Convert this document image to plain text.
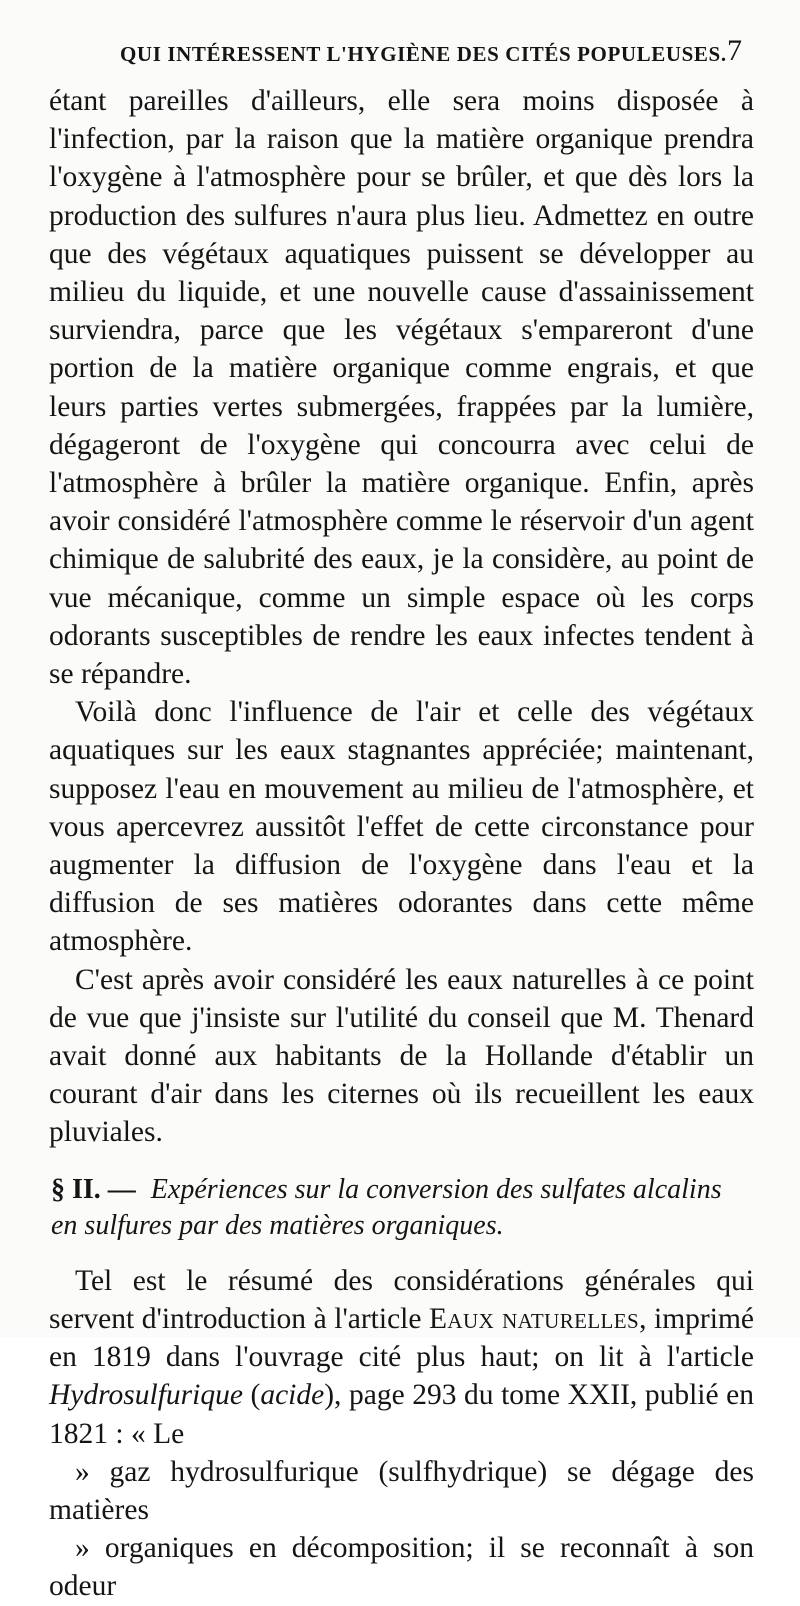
QUI INTÉRESSENT L'HYGIÈNE DES CITÉS POPULEUSES. 7

étant pareilles d'ailleurs, elle sera moins disposée à l'infection, par la raison que la matière organique prendra l'oxygène à l'atmosphère pour se brûler, et que dès lors la production des sulfures n'aura plus lieu. Admettez en outre que des végétaux aquatiques puissent se développer au milieu du liquide, et une nouvelle cause d'assainissement surviendra, parce que les végétaux s'empareront d'une portion de la matière organique comme engrais, et que leurs parties vertes submergées, frappées par la lumière, dégageront de l'oxygène qui concourra avec celui de l'atmosphère à brûler la matière organique. Enfin, après avoir considéré l'atmosphère comme le réservoir d'un agent chimique de salubrité des eaux, je la considère, au point de vue mécanique, comme un simple espace où les corps odorants susceptibles de rendre les eaux infectes tendent à se répandre.

Voilà donc l'influence de l'air et celle des végétaux aquatiques sur les eaux stagnantes appréciée; maintenant, supposez l'eau en mouvement au milieu de l'atmosphère, et vous apercevrez aussitôt l'effet de cette circonstance pour augmenter la diffusion de l'oxygène dans l'eau et la diffusion de ses matières odorantes dans cette même atmosphère.

C'est après avoir considéré les eaux naturelles à ce point de vue que j'insiste sur l'utilité du conseil que M. Thenard avait donné aux habitants de la Hollande d'établir un courant d'air dans les citernes où ils recueillent les eaux pluviales.

§ II. — Expériences sur la conversion des sulfates alcalins en sulfures par des matières organiques.

Tel est le résumé des considérations générales qui servent d'introduction à l'article Eaux naturelles, imprimé en 1819 dans l'ouvrage cité plus haut; on lit à l'article Hydrosulfurique (acide), page 293 du tome XXII, publié en 1821 : « Le
» gaz hydrosulfurique (sulfhydrique) se dégage des matières
» organiques en décomposition; il se reconnaît à son odeur
